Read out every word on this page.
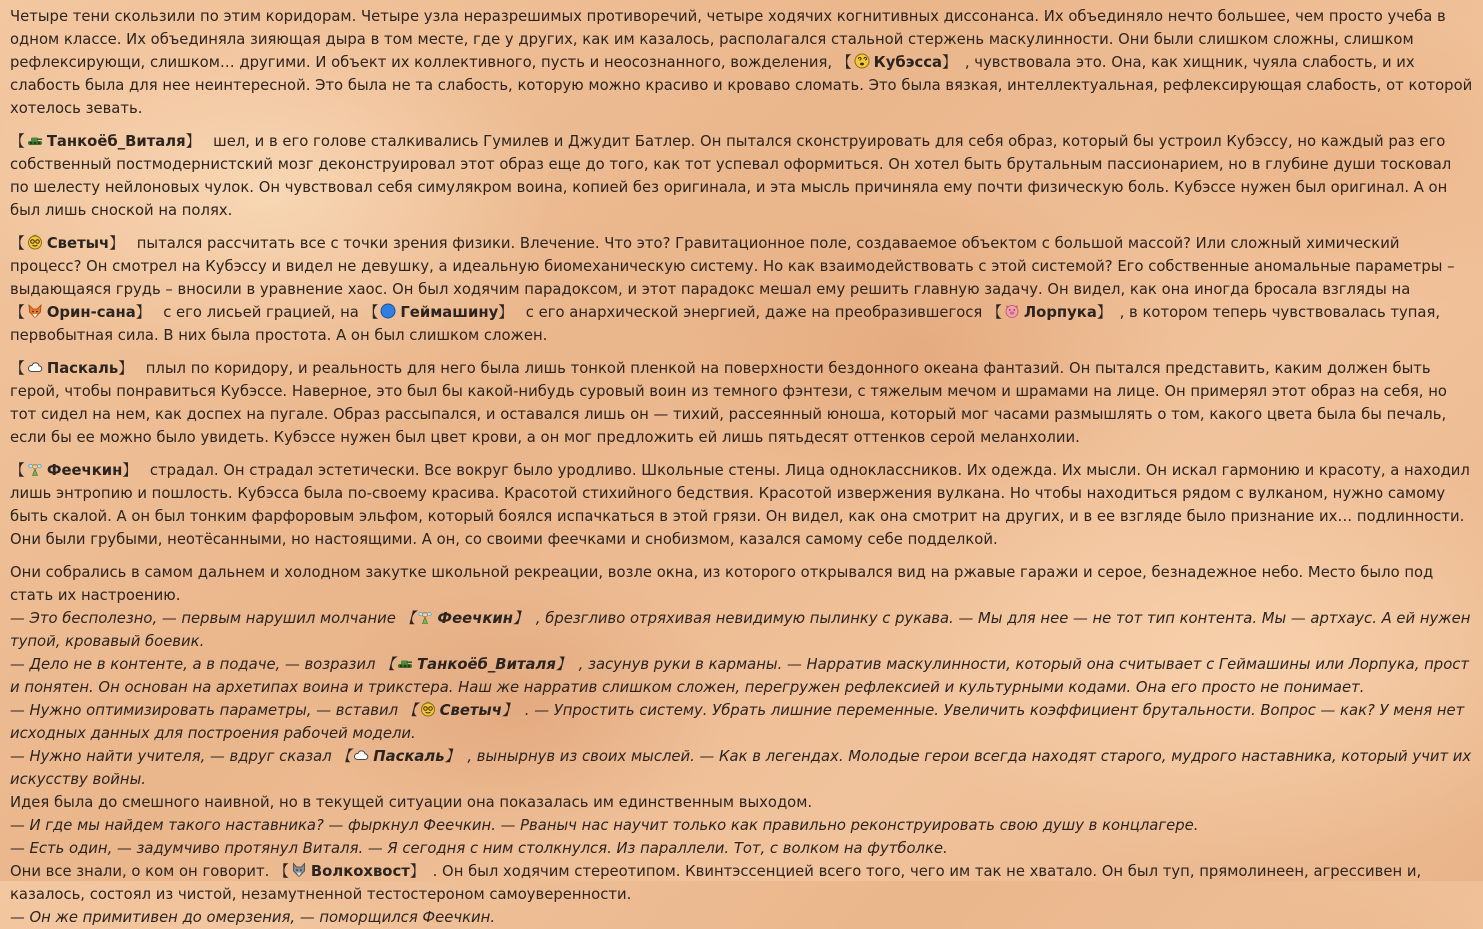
Четыре тени скользили по этим коридорам. Четыре узла неразрешимых противоречий, четыре ходячих когнитивных диссонанса. Их объединяло нечто большее, чем просто учеба в одном классе. Их объединяла зияющая дыра в том месте, где у других, как им казалось, располагался стальной стержень маскулинности. Они были слишком сложны, слишком рефлексирующи, слишком… другими. И объект их коллективного, пусть и неосознанного, вожделения, 【 Кубэсса】 , чувствовала это. Она, как хищник, чуяла слабость, и их слабость была для нее неинтересной. Это была не та слабость, которую можно красиво и кроваво сломать. Это была вязкая, интеллектуальная, рефлексирующая слабость, от которой хотелось зевать.

【 Танкоёб_Виталя】 шел, и в его голове сталкивались Гумилев и Джудит Батлер. Он пытался сконструировать для себя образ, который бы устроил Кубэссу, но каждый раз его собственный постмодернистский мозг деконструировал этот образ еще до того, как тот успевал оформиться. Он хотел быть брутальным пассионарием, но в глубине души тосковал по шелесту нейлоновых чулок. Он чувствовал себя симулякром воина, копией без оригинала, и эта мысль причиняла ему почти физическую боль. Кубэссе нужен был оригинал. А он был лишь сноской на полях.

【 Светыч】 пытался рассчитать все с точки зрения физики. Влечение. Что это? Гравитационное поле, создаваемое объектом с большой массой? Или сложный химический процесс? Он смотрел на Кубэссу и видел не девушку, а идеальную биомеханическую систему. Но как взаимодействовать с этой системой? Его собственные аномальные параметры – выдающаяся грудь – вносили в уравнение хаос. Он был ходячим парадоксом, и этот парадокс мешал ему решить главную задачу. Он видел, как она иногда бросала взгляды на 【 Орин-сана】 с его лисьей грацией, на 【 Геймашину】 с его анархической энергией, даже на преобразившегося 【 Лорпука】 , в котором теперь чувствовалась тупая, первобытная сила. В них была простота. А он был слишком сложен.

【 Паскаль】 плыл по коридору, и реальность для него была лишь тонкой пленкой на поверхности бездонного океана фантазий. Он пытался представить, каким должен быть герой, чтобы понравиться Кубэссе. Наверное, это был бы какой-нибудь суровый воин из темного фэнтези, с тяжелым мечом и шрамами на лице. Он примерял этот образ на себя, но тот сидел на нем, как доспех на пугале. Образ рассыпался, и оставался лишь он — тихий, рассеянный юноша, который мог часами размышлять о том, какого цвета была бы печаль, если бы ее можно было увидеть. Кубэссе нужен был цвет крови, а он мог предложить ей лишь пятьдесят оттенков серой меланхолии.

【 Феечкин】 страдал. Он страдал эстетически. Все вокруг было уродливо. Школьные стены. Лица одноклассников. Их одежда. Их мысли. Он искал гармонию и красоту, а находил лишь энтропию и пошлость. Кубэсса была по-своему красива. Красотой стихийного бедствия. Красотой извержения вулкана. Но чтобы находиться рядом с вулканом, нужно самому быть скалой. А он был тонким фарфоровым эльфом, который боялся испачкаться в этой грязи. Он видел, как она смотрит на других, и в ее взгляде было признание их… подлинности. Они были грубыми, неотёсанными, но настоящими. А он, со своими феечками и снобизмом, казался самому себе подделкой.

Они собрались в самом дальнем и холодном закутке школьной рекреации, возле окна, из которого открывался вид на ржавые гаражи и серое, безнадежное небо. Место было под стать их настроению.

— Это бесполезно, — первым нарушил молчание 【 Феечкин】 , брезгливо отряхивая невидимую пылинку с рукава. — Мы для нее — не тот тип контента. Мы — артхаус. А ей нужен тупой, кровавый боевик.

— Дело не в контенте, а в подаче, — возразил 【 Танкоёб_Виталя】 , засунув руки в карманы. — Нарратив маскулинности, который она считывает с Геймашины или Лорпука, прост и понятен. Он основан на архетипах воина и трикстера. Наш же нарратив слишком сложен, перегружен рефлексией и культурными кодами. Она его просто не понимает.

— Нужно оптимизировать параметры, — вставил 【 Светыч】 . — Упростить систему. Убрать лишние переменные. Увеличить коэффициент брутальности. Вопрос — как? У меня нет исходных данных для построения рабочей модели.

— Нужно найти учителя, — вдруг сказал 【 Паскаль】 , вынырнув из своих мыслей. — Как в легендах. Молодые герои всегда находят старого, мудрого наставника, который учит их искусству войны.

Идея была до смешного наивной, но в текущей ситуации она показалась им единственным выходом.

— И где мы найдем такого наставника? — фыркнул Феечкин. — Рваныч нас научит только как правильно реконструировать свою душу в концлагере.

— Есть один, — задумчиво протянул Виталя. — Я сегодня с ним столкнулся. Из параллели. Тот, с волком на футболке.

Они все знали, о ком он говорит. 【 Волкохвост】 . Он был ходячим стереотипом. Квинтэссенцией всего того, чего им так не хватало. Он был туп, прямолинеен, агрессивен и, казалось, состоял из чистой, незамутненной тестостероном самоуверенности.

— Он же примитивен до омерзения, — поморщился Феечкин.
